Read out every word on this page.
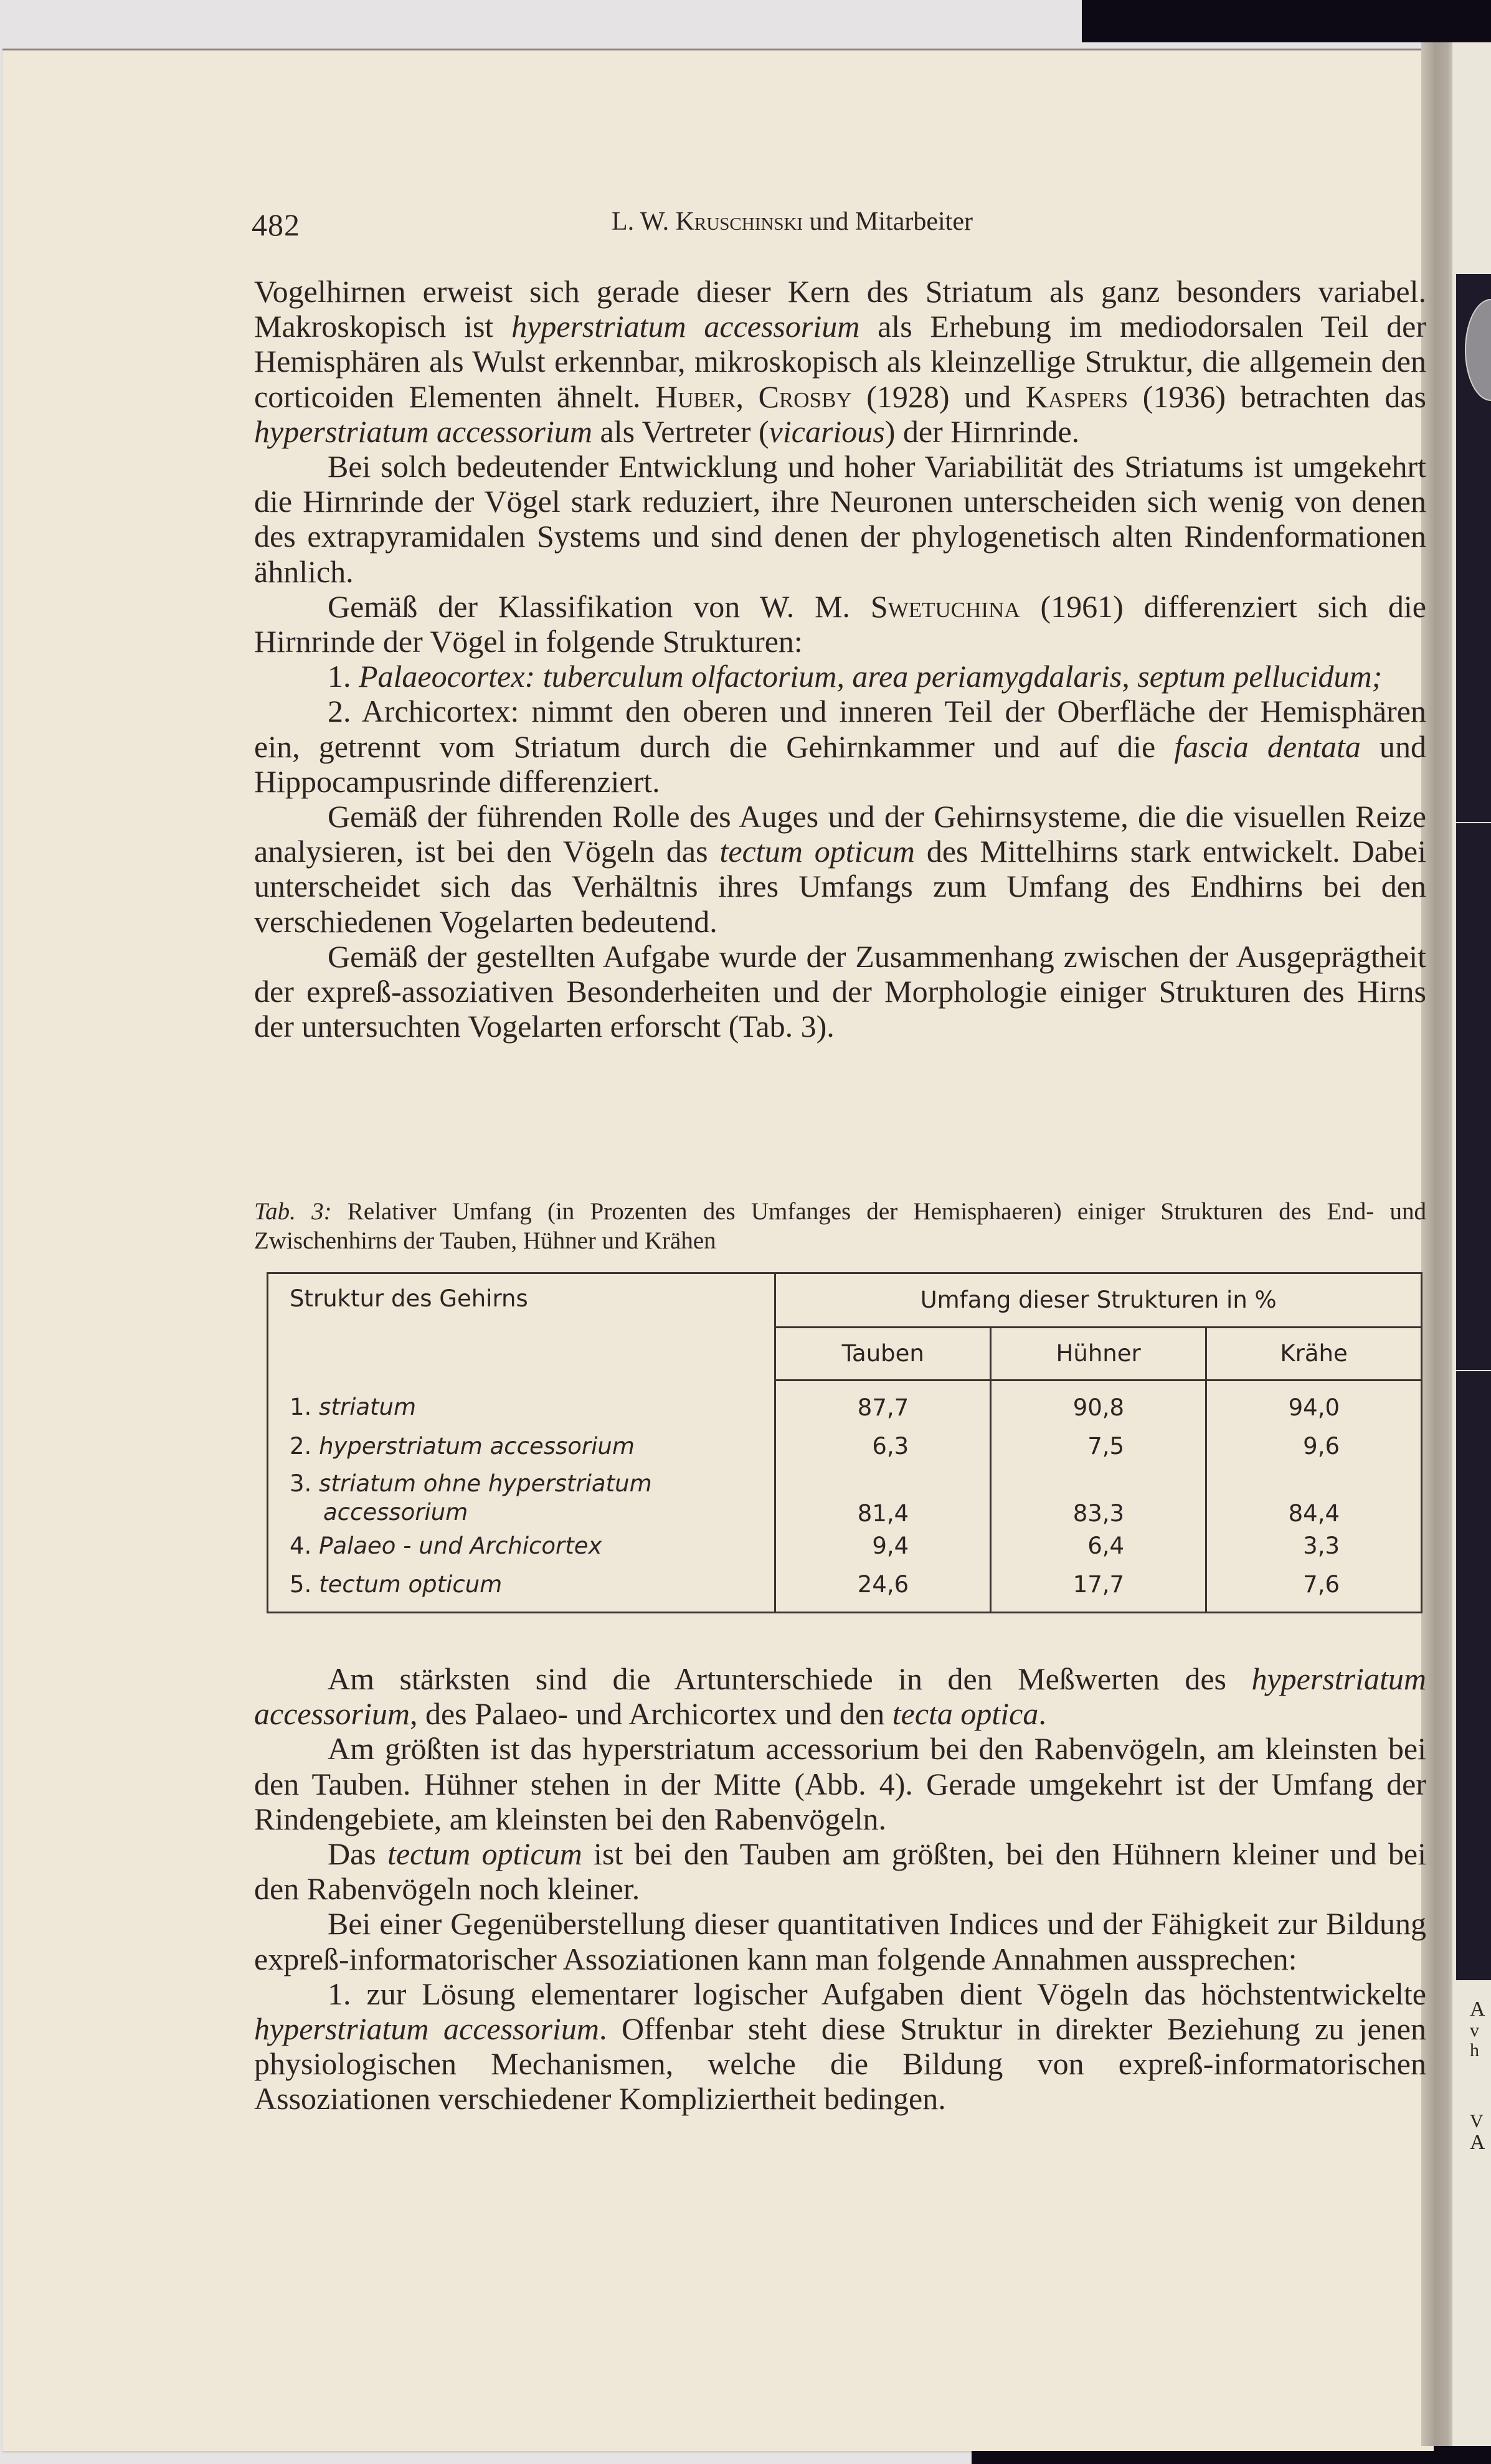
A
v
h
V
A
482	L. W. Kruschinski und Mitarbeiter

Vogelhirnen erweist sich gerade dieser Kern des Striatum als ganz besonders variabel. Makroskopisch ist hyperstriatum accessorium als Erhebung im mediodorsalen Teil der Hemisphären als Wulst erkennbar, mikroskopisch als kleinzellige Struktur, die allgemein den corticoiden Elementen ähnelt. Huber, Crosby (1928) und Kaspers (1936) betrachten das hyperstriatum accessorium als Vertreter (vicarious) der Hirnrinde.

Bei solch bedeutender Entwicklung und hoher Variabilität des Striatums ist umgekehrt die Hirnrinde der Vögel stark reduziert, ihre Neuronen unterscheiden sich wenig von denen des extrapyramidalen Systems und sind denen der phylogenetisch alten Rindenformationen ähnlich.

Gemäß der Klassifikation von W. M. Swetuchina (1961) differenziert sich die Hirnrinde der Vögel in folgende Strukturen:

1. Palaeocortex: tuberculum olfactorium, area periamygdalaris, septum pellucidum;

2. Archicortex: nimmt den oberen und inneren Teil der Oberfläche der Hemisphären ein, getrennt vom Striatum durch die Gehirnkammer und auf die fascia dentata und Hippocampusrinde differenziert.

Gemäß der führenden Rolle des Auges und der Gehirnsysteme, die die visuellen Reize analysieren, ist bei den Vögeln das tectum opticum des Mittelhirns stark entwickelt. Dabei unterscheidet sich das Verhältnis ihres Umfangs zum Umfang des Endhirns bei den verschiedenen Vogelarten bedeutend.

Gemäß der gestellten Aufgabe wurde der Zusammenhang zwischen der Ausgeprägtheit der expreß-assoziativen Besonderheiten und der Morphologie einiger Strukturen des Hirns der untersuchten Vogelarten erforscht (Tab. 3).

Tab. 3: Relativer Umfang (in Prozenten des Umfanges der Hemisphaeren) einiger Strukturen des End- und Zwischenhirns der Tauben, Hühner und Krähen
Struktur des Gehirns	Umfang dieser Strukturen in %		
	Tauben	Hühner	Krähe
1. striatum	87,7	90,8	94,0
2. hyperstriatum accessorium	6,3	7,5	9,6
3. striatum ohne hyperstriatum
accessorium	81,4	83,3	84,4
4. Palaeo - und Archicortex	9,4	6,4	3,3
5. tectum opticum	24,6	17,7	7,6

Am stärksten sind die Artunterschiede in den Meßwerten des hyperstriatum accessorium, des Palaeo- und Archicortex und den tecta optica.

Am größten ist das hyperstriatum accessorium bei den Rabenvögeln, am kleinsten bei den Tauben. Hühner stehen in der Mitte (Abb. 4). Gerade umgekehrt ist der Umfang der Rindengebiete, am kleinsten bei den Rabenvögeln.

Das tectum opticum ist bei den Tauben am größten, bei den Hühnern kleiner und bei den Rabenvögeln noch kleiner.

Bei einer Gegenüberstellung dieser quantitativen Indices und der Fähigkeit zur Bildung expreß-informatorischer Assoziationen kann man folgende Annahmen aussprechen:

1. zur Lösung elementarer logischer Aufgaben dient Vögeln das höchstentwickelte hyperstriatum accessorium. Offenbar steht diese Struktur in direkter Beziehung zu jenen physiologischen Mechanismen, welche die Bildung von expreß-informatorischen Assoziationen verschiedener Kompliziertheit bedingen.
